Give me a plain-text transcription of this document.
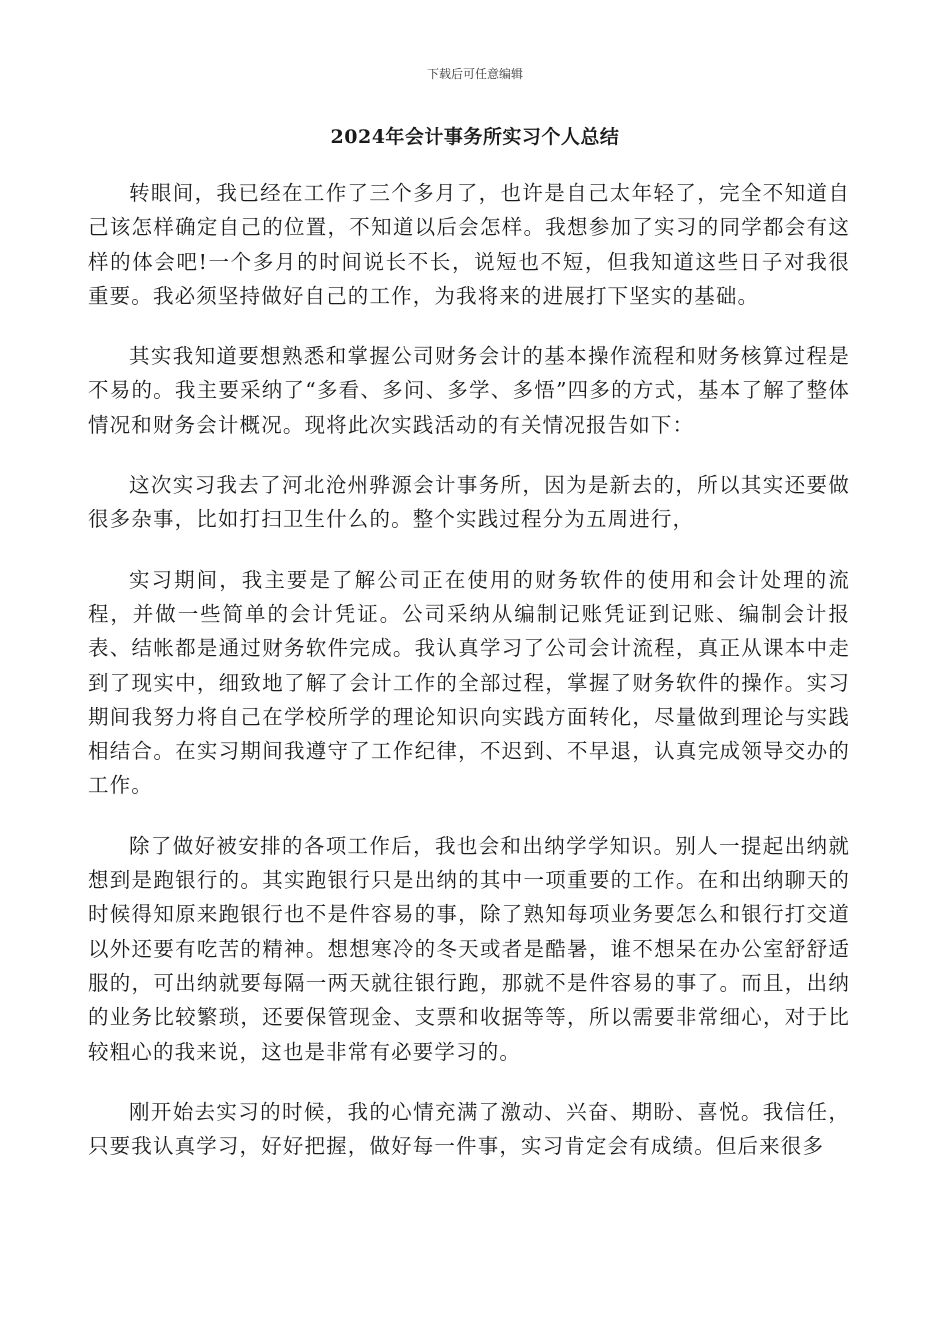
下载后可任意编辑
2024年会计事务所实习个人总结

转眼间，我已经在工作了三个多月了，也许是自己太年轻了，完全不知道自己该怎样确定自己的位置，不知道以后会怎样。我想参加了实习的同学都会有这样的体会吧!一个多月的时间说长不长，说短也不短，但我知道这些日子对我很重要。我必须坚持做好自己的工作，为我将来的进展打下坚实的基础。

其实我知道要想熟悉和掌握公司财务会计的基本操作流程和财务核算过程是不易的。我主要采纳了“多看、多问、多学、多悟”四多的方式，基本了解了整体情况和财务会计概况。现将此次实践活动的有关情况报告如下：

这次实习我去了河北沧州骅源会计事务所，因为是新去的，所以其实还要做很多杂事，比如打扫卫生什么的。整个实践过程分为五周进行，

实习期间，我主要是了解公司正在使用的财务软件的使用和会计处理的流程，并做一些简单的会计凭证。公司采纳从编制记账凭证到记账、编制会计报表、结帐都是通过财务软件完成。我认真学习了公司会计流程，真正从课本中走到了现实中，细致地了解了会计工作的全部过程，掌握了财务软件的操作。实习期间我努力将自己在学校所学的理论知识向实践方面转化，尽量做到理论与实践相结合。在实习期间我遵守了工作纪律，不迟到、不早退，认真完成领导交办的工作。

除了做好被安排的各项工作后，我也会和出纳学学知识。别人一提起出纳就想到是跑银行的。其实跑银行只是出纳的其中一项重要的工作。在和出纳聊天的时候得知原来跑银行也不是件容易的事，除了熟知每项业务要怎么和银行打交道以外还要有吃苦的精神。想想寒冷的冬天或者是酷暑，谁不想呆在办公室舒舒适服的，可出纳就要每隔一两天就往银行跑，那就不是件容易的事了。而且，出纳的业务比较繁琐，还要保管现金、支票和收据等等，所以需要非常细心，对于比较粗心的我来说，这也是非常有必要学习的。

刚开始去实习的时候，我的心情充满了激动、兴奋、期盼、喜悦。我信任，只要我认真学习，好好把握，做好每一件事，实习肯定会有成绩。但后来很多
